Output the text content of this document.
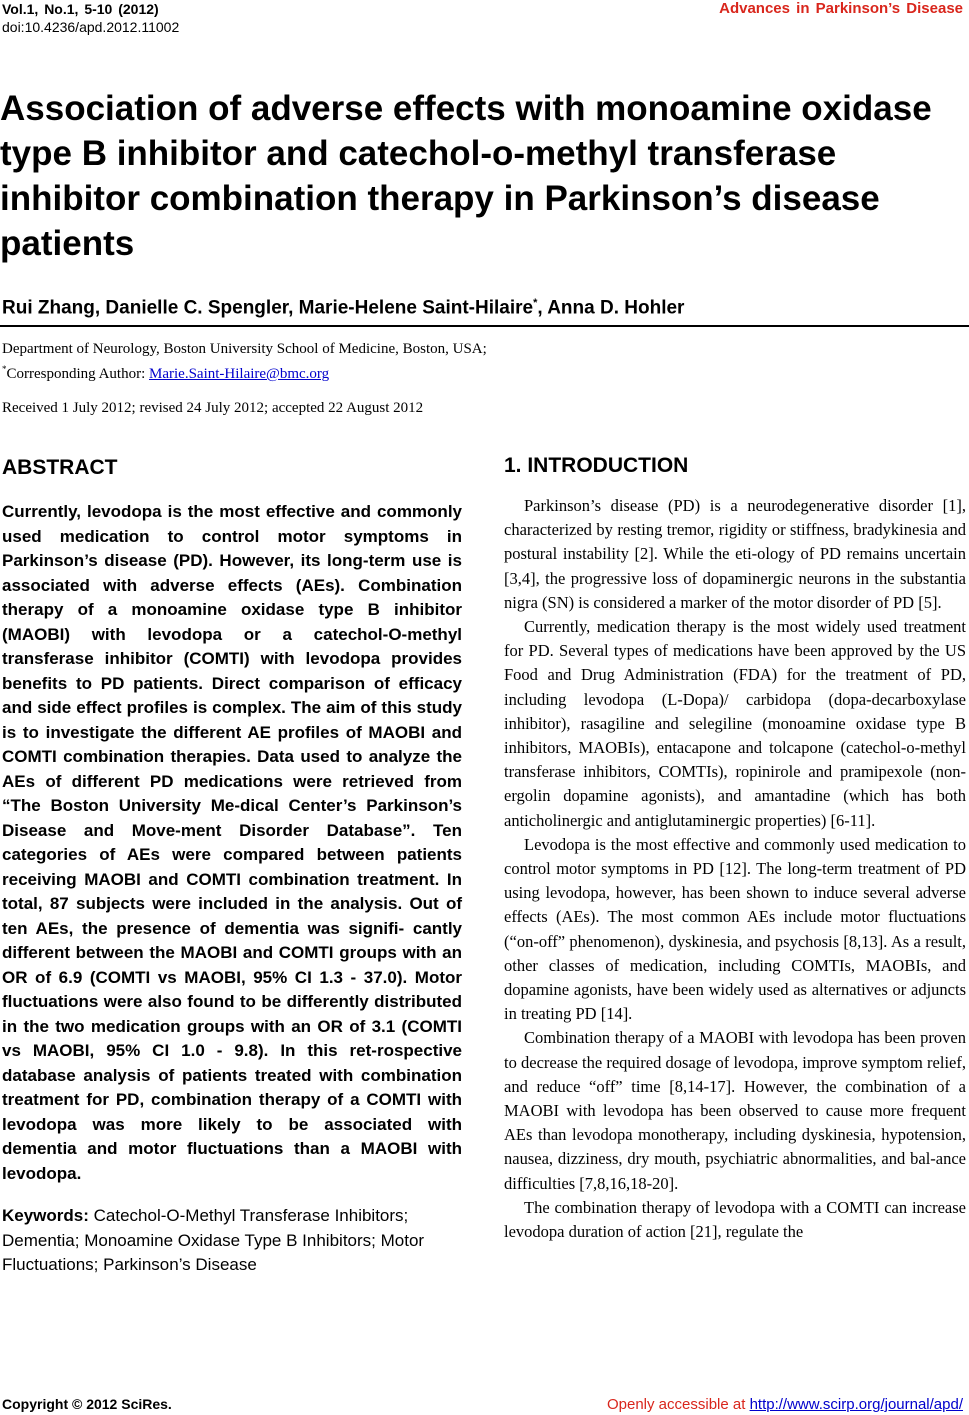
Vol.1, No.1, 5-10 (2012)
doi:10.4236/apd.2012.11002
Advances in Parkinson’s Disease
Association of adverse effects with monoamine oxidase type B inhibitor and catechol-o-methyl transferase inhibitor combination therapy in Parkinson’s disease patients
Rui Zhang, Danielle C. Spengler, Marie-Helene Saint-Hilaire*, Anna D. Hohler
Department of Neurology, Boston University School of Medicine, Boston, USA;
*Corresponding Author: Marie.Saint-Hilaire@bmc.org
Received 1 July 2012; revised 24 July 2012; accepted 22 August 2012
ABSTRACT

Currently, levodopa is the most effective and commonly used medication to control motor symptoms in Parkinson’s disease (PD). However, its long-term use is associated with adverse effects (AEs). Combination therapy of a monoamine oxidase type B inhibitor (MAOBI) with levodopa or a catechol-O-methyl transferase inhibitor (COMTI) with levodopa provides benefits to PD patients. Direct comparison of efficacy and side effect profiles is complex. The aim of this study is to investigate the different AE profiles of MAOBI and COMTI combination therapies. Data used to analyze the AEs of different PD medications were retrieved from “The Boston University Me-dical Center’s Parkinson’s Disease and Move-ment Disorder Database”. Ten categories of AEs were compared between patients receiving MAOBI and COMTI combination treatment. In total, 87 subjects were included in the analysis. Out of ten AEs, the presence of dementia was signifi- cantly different between the MAOBI and COMTI groups with an OR of 6.9 (COMTI vs MAOBI, 95% CI 1.3 - 37.0). Motor fluctuations were also found to be differently distributed in the two medication groups with an OR of 3.1 (COMTI vs MAOBI, 95% CI 1.0 - 9.8). In this ret-rospective database analysis of patients treated with combination treatment for PD, combination therapy of a COMTI with levodopa was more likely to be associated with dementia and motor fluctuations than a MAOBI with levodopa.

Keywords: Catechol-O-Methyl Transferase Inhibitors; Dementia; Monoamine Oxidase Type B Inhibitors; Motor Fluctuations; Parkinson’s Disease

1. INTRODUCTION

Parkinson’s disease (PD) is a neurodegenerative disorder [1], characterized by resting tremor, rigidity or stiffness, bradykinesia and postural instability [2]. While the eti-ology of PD remains uncertain [3,4], the progressive loss of dopaminergic neurons in the substantia nigra (SN) is considered a marker of the motor disorder of PD [5].

Currently, medication therapy is the most widely used treatment for PD. Several types of medications have been approved by the US Food and Drug Administration (FDA) for the treatment of PD, including levodopa (L-Dopa)/ carbidopa (dopa-decarboxylase inhibitor), rasagiline and selegiline (monoamine oxidase type B inhibitors, MAOBIs), entacapone and tolcapone (catechol-o-methyl transferase inhibitors, COMTIs), ropinirole and pramipexole (non-ergolin dopamine agonists), and amantadine (which has both anticholinergic and antiglutaminergic properties) [6-11].

Levodopa is the most effective and commonly used medication to control motor symptoms in PD [12]. The long-term treatment of PD using levodopa, however, has been shown to induce several adverse effects (AEs). The most common AEs include motor fluctuations (“on-off” phenomenon), dyskinesia, and psychosis [8,13]. As a result, other classes of medication, including COMTIs, MAOBIs, and dopamine agonists, have been widely used as alternatives or adjuncts in treating PD [14].

Combination therapy of a MAOBI with levodopa has been proven to decrease the required dosage of levodopa, improve symptom relief, and reduce “off” time [8,14-17]. However, the combination of a MAOBI with levodopa has been observed to cause more frequent AEs than levodopa monotherapy, including dyskinesia, hypotension, nausea, dizziness, dry mouth, psychiatric abnormalities, and bal-ance difficulties [7,8,16,18-20].

The combination therapy of levodopa with a COMTI can increase levodopa duration of action [21], regulate the

Copyright © 2012 SciRes.	Openly accessible at http://www.scirp.org/journal/apd/
